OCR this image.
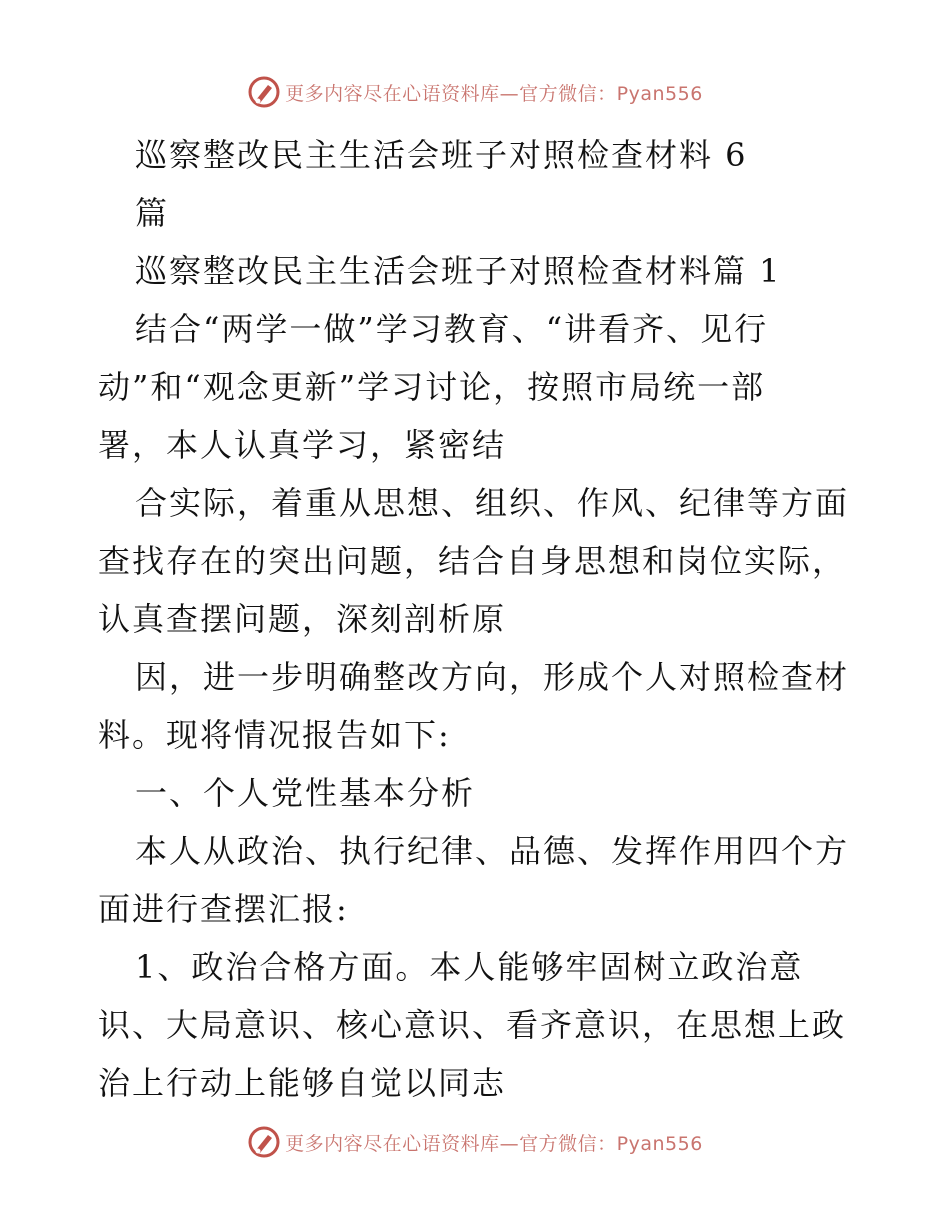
更多内容尽在心语资料库—官方微信：Pyan556
巡察整改民主生活会班子对照检查材料 6
篇
巡察整改民主生活会班子对照检查材料篇 1
结合“两学一做”学习教育、“讲看齐、见行
动”和“观念更新”学习讨论，按照市局统一部
署，本人认真学习，紧密结
合实际，着重从思想、组织、作风、纪律等方面
查找存在的突出问题，结合自身思想和岗位实际，
认真查摆问题，深刻剖析原
因，进一步明确整改方向，形成个人对照检查材
料。现将情况报告如下:
一、个人党性基本分析
本人从政治、执行纪律、品德、发挥作用四个方
面进行查摆汇报:
1、政治合格方面。本人能够牢固树立政治意
识、大局意识、核心意识、看齐意识，在思想上政
治上行动上能够自觉以同志
更多内容尽在心语资料库—官方微信：Pyan556
